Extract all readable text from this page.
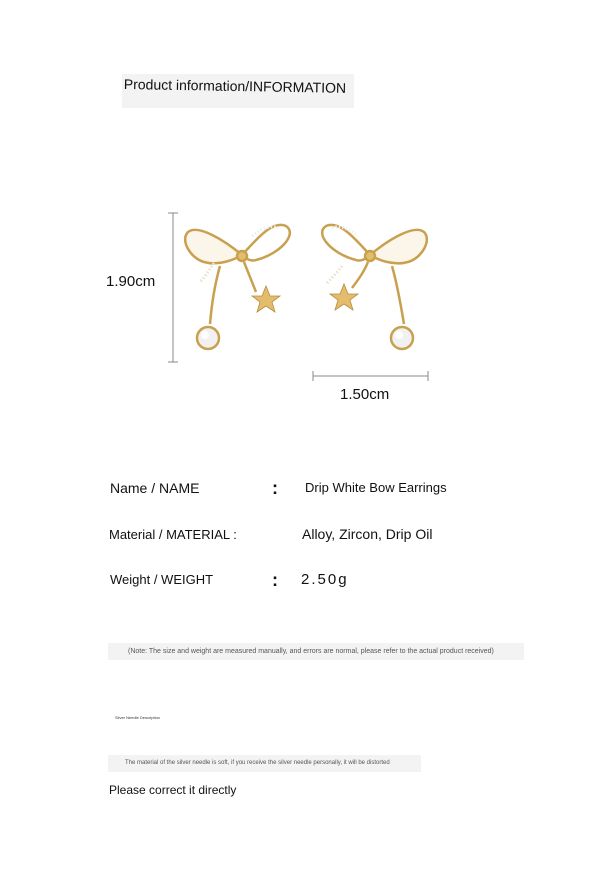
Product information/INFORMATION
1.90cm
1.50cm
Name / NAME	: Drip White Bow Earrings
Material / MATERIAL :	Alloy, Zircon, Drip Oil
Weight / WEIGHT	: 2.50g
(Note: The size and weight are measured manually, and errors are normal, please refer to the actual product received)
Silver Needle Description
The material of the silver needle is soft, if you receive the silver needle personally, it will be distorted
Please correct it directly
